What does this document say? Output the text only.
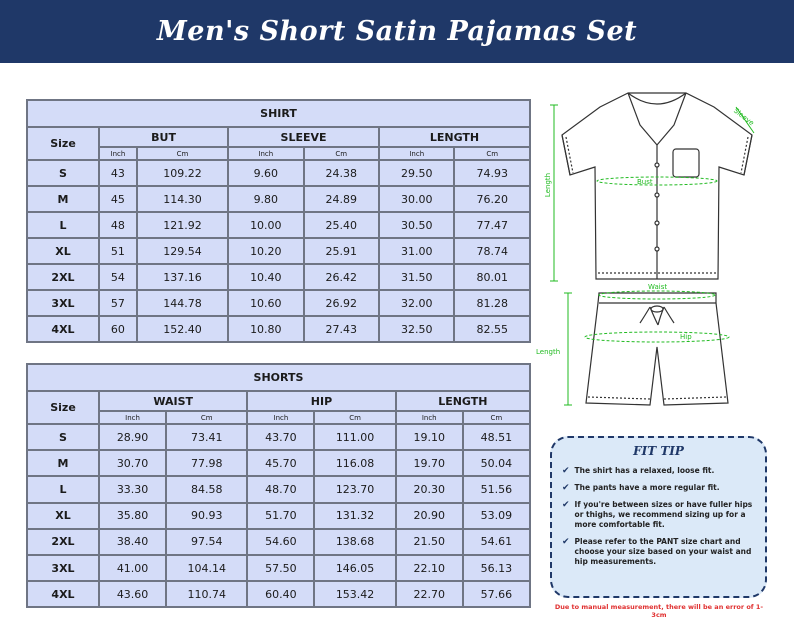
Men's Short Satin Pajamas Set
SHIRT						
Size	BUT		SLEEVE		LENGTH	
	Inch	Cm	Inch	Cm	Inch	Cm
S	43	109.22	9.60	24.38	29.50	74.93
M	45	114.30	9.80	24.89	30.00	76.20
L	48	121.92	10.00	25.40	30.50	77.47
XL	51	129.54	10.20	25.91	31.00	78.74
2XL	54	137.16	10.40	26.42	31.50	80.01
3XL	57	144.78	10.60	26.92	32.00	81.28
4XL	60	152.40	10.80	27.43	32.50	82.55
SHORTS						
Size	WAIST		HIP		LENGTH	
	Inch	Cm	Inch	Cm	Inch	Cm
S	28.90	73.41	43.70	111.00	19.10	48.51
M	30.70	77.98	45.70	116.08	19.70	50.04
L	33.30	84.58	48.70	123.70	20.30	51.56
XL	35.80	90.93	51.70	131.32	20.90	53.09
2XL	38.40	97.54	54.60	138.68	21.50	54.61
3XL	41.00	104.14	57.50	146.05	22.10	56.13
4XL	43.60	110.74	60.40	153.42	22.70	57.66
Sleeve
Bust
Length
Waist
Hip
Length
FIT TIP
✔ The shirt has a relaxed, loose fit.
✔ The pants have a more regular fit.
✔ If you're between sizes or have fuller hips or thighs, we recommend sizing up for a more comfortable fit.
✔ Please refer to the PANT size chart and choose your size based on your waist and hip measurements.
Due to manual measurement, there will be an error of 1-3cm
